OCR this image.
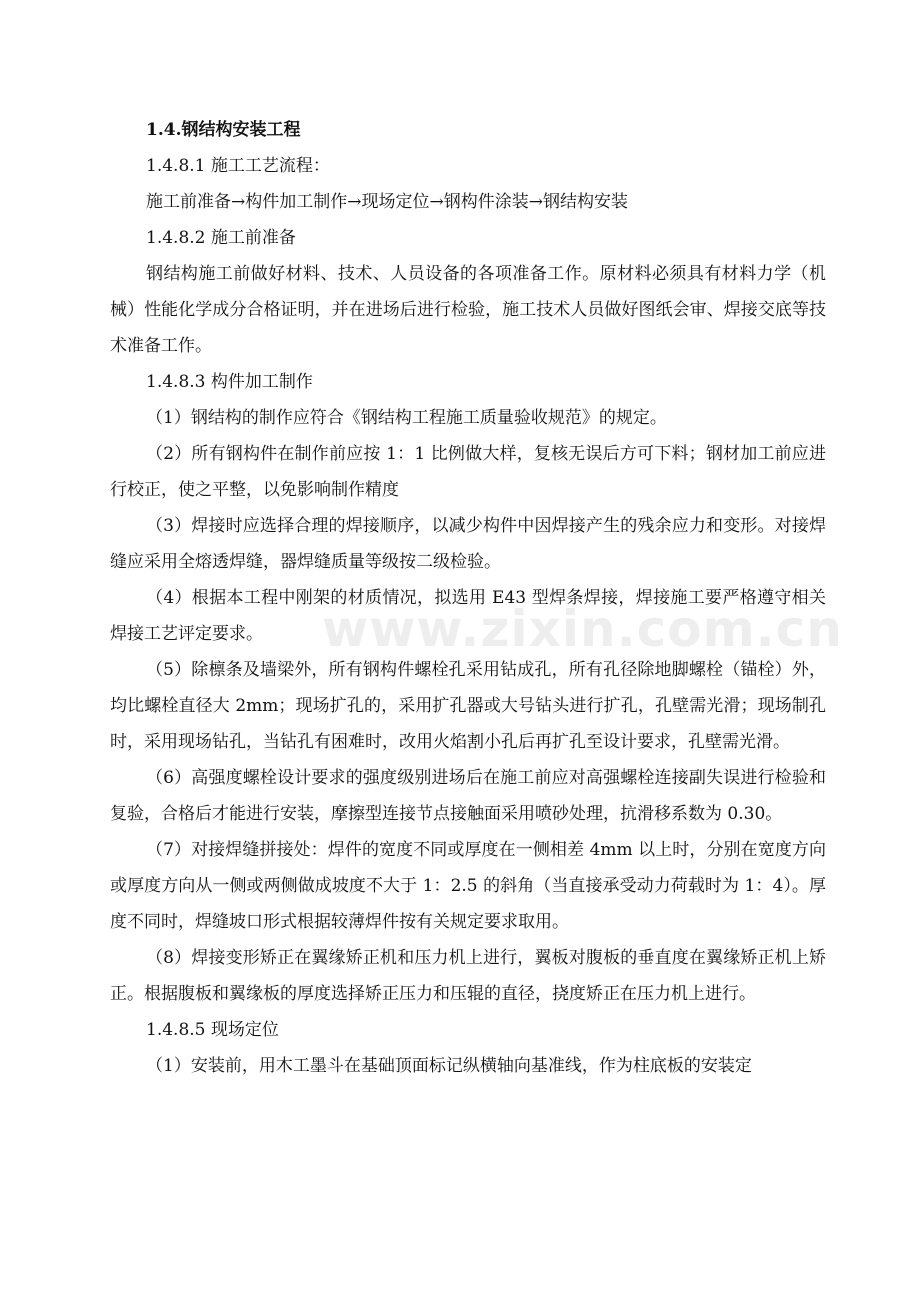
www.zixin.com.cn
1.4.钢结构安装工程
1.4.8.1 施工工艺流程：
施工前准备→构件加工制作→现场定位→钢构件涂装→钢结构安装
1.4.8.2 施工前准备

钢结构施工前做好材料、技术、人员设备的各项准备工作。原材料必须具有材料力学（机械）性能化学成分合格证明，并在进场后进行检验，施工技术人员做好图纸会审、焊接交底等技术准备工作。

1.4.8.3 构件加工制作

（1）钢结构的制作应符合《钢结构工程施工质量验收规范》的规定。

（2）所有钢构件在制作前应按 1：1 比例做大样，复核无误后方可下料；钢材加工前应进行校正，使之平整，以免影响制作精度

（3）焊接时应选择合理的焊接顺序，以减少构件中因焊接产生的残余应力和变形。对接焊缝应采用全熔透焊缝，器焊缝质量等级按二级检验。

（4）根据本工程中刚架的材质情况，拟选用 E43 型焊条焊接，焊接施工要严格遵守相关焊接工艺评定要求。

（5）除檩条及墙梁外，所有钢构件螺栓孔采用钻成孔，所有孔径除地脚螺栓（锚栓）外，均比螺栓直径大 2mm；现场扩孔的，采用扩孔器或大号钻头进行扩孔，孔壁需光滑；现场制孔时，采用现场钻孔，当钻孔有困难时，改用火焰割小孔后再扩孔至设计要求，孔壁需光滑。

（6）高强度螺栓设计要求的强度级别进场后在施工前应对高强螺栓连接副失误进行检验和复验，合格后才能进行安装，摩擦型连接节点接触面采用喷砂处理，抗滑移系数为 0.30。

（7）对接焊缝拼接处：焊件的宽度不同或厚度在一侧相差 4mm 以上时，分别在宽度方向或厚度方向从一侧或两侧做成坡度不大于 1：2.5 的斜角（当直接承受动力荷载时为 1：4）。厚度不同时，焊缝坡口形式根据较薄焊件按有关规定要求取用。

（8）焊接变形矫正在翼缘矫正机和压力机上进行，翼板对腹板的垂直度在翼缘矫正机上矫正。根据腹板和翼缘板的厚度选择矫正压力和压辊的直径，挠度矫正在压力机上进行。

1.4.8.5 现场定位
（1）安装前，用木工墨斗在基础顶面标记纵横轴向基准线，作为柱底板的安装定
